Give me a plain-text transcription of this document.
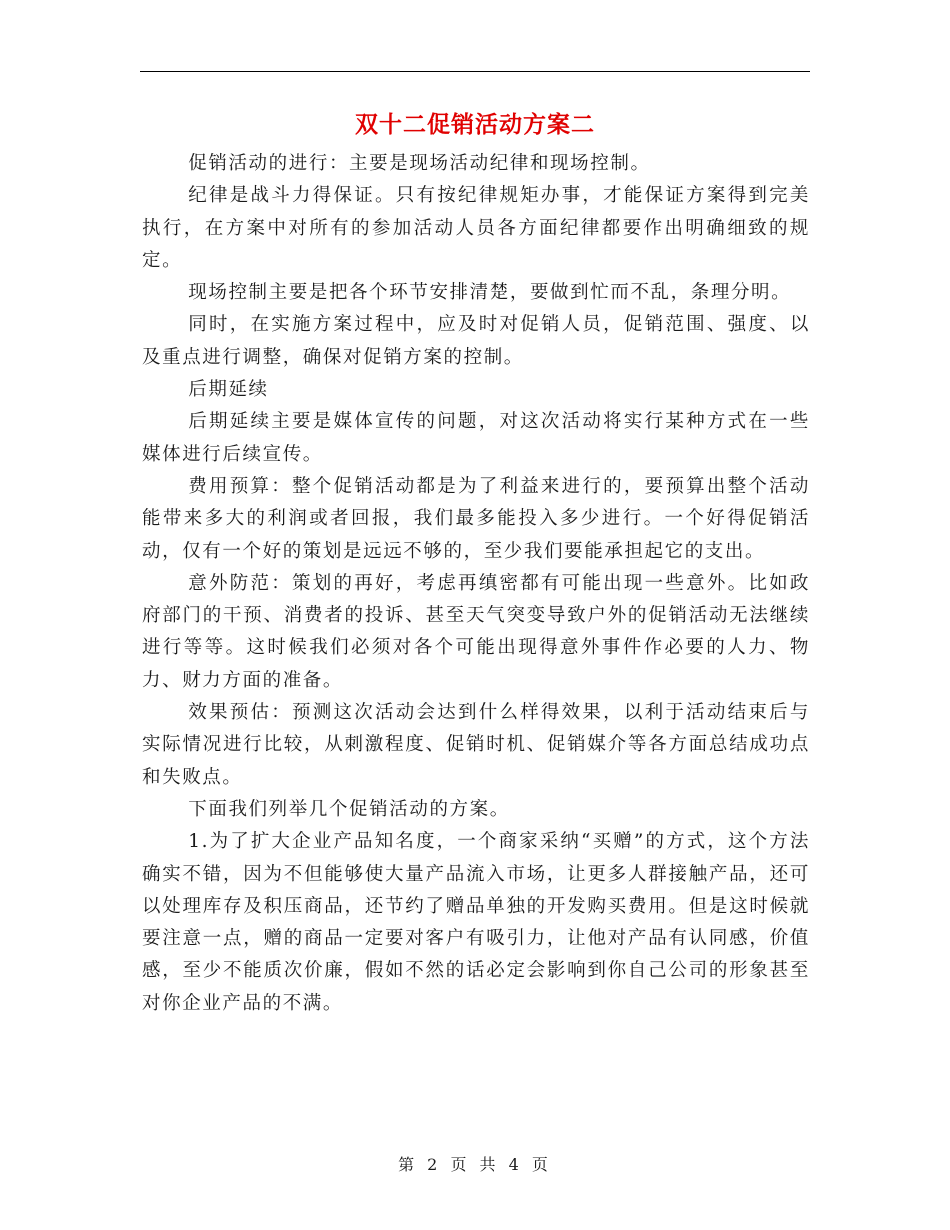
双十二促销活动方案二

促销活动的进行：主要是现场活动纪律和现场控制。

纪律是战斗力得保证。只有按纪律规矩办事，才能保证方案得到完美执行，在方案中对所有的参加活动人员各方面纪律都要作出明确细致的规定。

现场控制主要是把各个环节安排清楚，要做到忙而不乱，条理分明。

同时，在实施方案过程中，应及时对促销人员，促销范围、强度、以及重点进行调整，确保对促销方案的控制。

后期延续

后期延续主要是媒体宣传的问题，对这次活动将实行某种方式在一些媒体进行后续宣传。

费用预算：整个促销活动都是为了利益来进行的，要预算出整个活动能带来多大的利润或者回报，我们最多能投入多少进行。一个好得促销活动，仅有一个好的策划是远远不够的，至少我们要能承担起它的支出。

意外防范：策划的再好，考虑再缜密都有可能出现一些意外。比如政府部门的干预、消费者的投诉、甚至天气突变导致户外的促销活动无法继续进行等等。这时候我们必须对各个可能出现得意外事件作必要的人力、物力、财力方面的准备。

效果预估：预测这次活动会达到什么样得效果，以利于活动结束后与实际情况进行比较，从刺激程度、促销时机、促销媒介等各方面总结成功点和失败点。

下面我们列举几个促销活动的方案。

1.为了扩大企业产品知名度，一个商家采纳“买赠”的方式，这个方法确实不错，因为不但能够使大量产品流入市场，让更多人群接触产品，还可以处理库存及积压商品，还节约了赠品单独的开发购买费用。但是这时候就要注意一点，赠的商品一定要对客户有吸引力，让他对产品有认同感，价值感，至少不能质次价廉，假如不然的话必定会影响到你自己公司的形象甚至对你企业产品的不满。

第 2 页 共 4 页
